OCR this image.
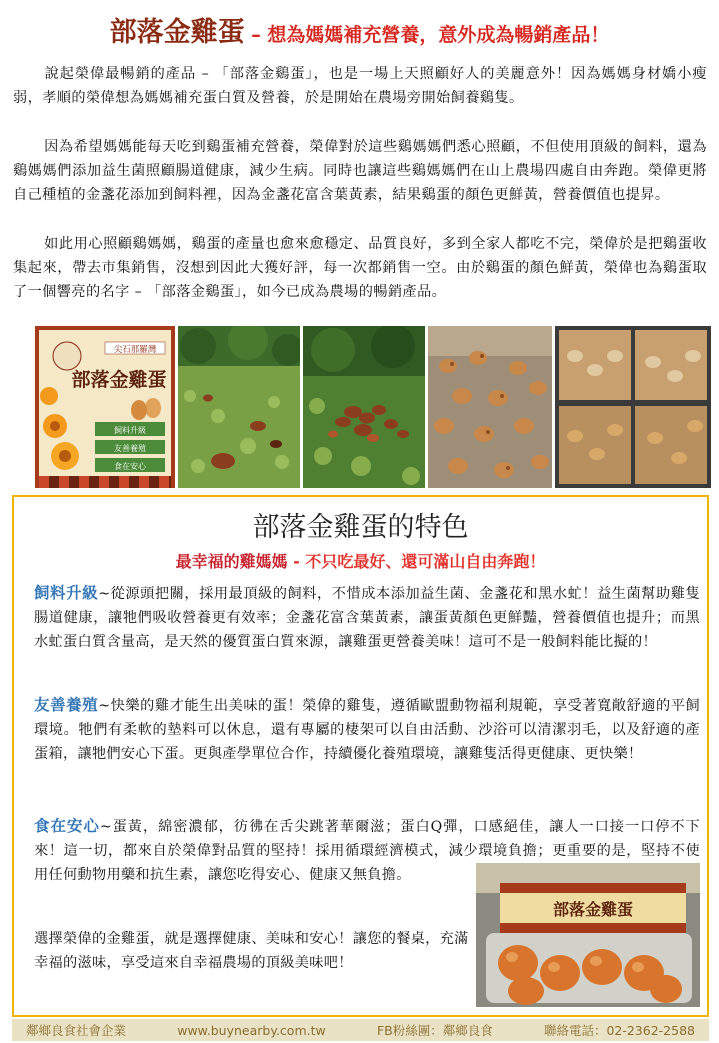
部落金雞蛋 – 想為媽媽補充營養，意外成為暢銷產品！
說起榮偉最暢銷的產品 – 「部落金鷄蛋」，也是一場上天照顧好人的美麗意外！因為媽媽身材嬌小瘦弱，孝順的榮偉想為媽媽補充蛋白質及營養，於是開始在農場旁開始飼養鷄隻。
因為希望媽媽能每天吃到鷄蛋補充營養，榮偉對於這些鷄媽媽們悉心照顧，不但使用頂級的飼料，還為鷄媽媽們添加益生菌照顧腸道健康，減少生病。同時也讓這些鷄媽媽們在山上農場四處自由奔跑。榮偉更將自己種植的金盞花添加到飼料裡，因為金盞花富含葉黃素，結果鷄蛋的顏色更鮮黃，營養價值也提昇。
如此用心照顧鷄媽媽，鷄蛋的產量也愈來愈穩定、品質良好，多到全家人都吃不完，榮偉於是把鷄蛋收集起來，帶去市集銷售，沒想到因此大獲好評，每一次都銷售一空。由於鷄蛋的顏色鮮黃，榮偉也為鷄蛋取了一個響亮的名字 – 「部落金鷄蛋」，如今已成為農場的暢銷產品。
尖石那羅灣
部落金雞蛋
飼料升級
友善養殖
食在安心
部落金雞蛋的特色
最幸福的雞媽媽 - 不只吃最好、還可滿山自由奔跑！
飼料升級~從源頭把關，採用最頂級的飼料，不惜成本添加益生菌、金盞花和黑水虻！益生菌幫助雞隻腸道健康，讓牠們吸收營養更有效率；金盞花富含葉黃素，讓蛋黃顏色更鮮豔，營養價值也提升；而黑水虻蛋白質含量高，是天然的優質蛋白質來源，讓雞蛋更營養美味！這可不是一般飼料能比擬的！
友善養殖~快樂的雞才能生出美味的蛋！榮偉的雞隻，遵循歐盟動物福利規範，享受著寬敞舒適的平飼環境。牠們有柔軟的墊料可以休息，還有專屬的棲架可以自由活動、沙浴可以清潔羽毛，以及舒適的產蛋箱，讓牠們安心下蛋。更與產學單位合作，持續優化養殖環境，讓雞隻活得更健康、更快樂！
食在安心~蛋黃，綿密濃郁，彷彿在舌尖跳著華爾滋；蛋白Q彈，口感絕佳，讓人一口接一口停不下來！這一切，都來自於榮偉對品質的堅持！採用循環經濟模式，減少環境負擔；更重要的是，堅持不使用任何動物用藥和抗生素，讓您吃得安心、健康又無負擔。
選擇榮偉的金雞蛋，就是選擇健康、美味和安心！讓您的餐桌，充滿幸福的滋味，享受這來自幸福農場的頂級美味吧！
部落金雞蛋
鄰鄉良食社會企業	www.buynearby.com.tw	FB粉絲團：鄰鄉良食	聯絡電話：02-2362-2588
